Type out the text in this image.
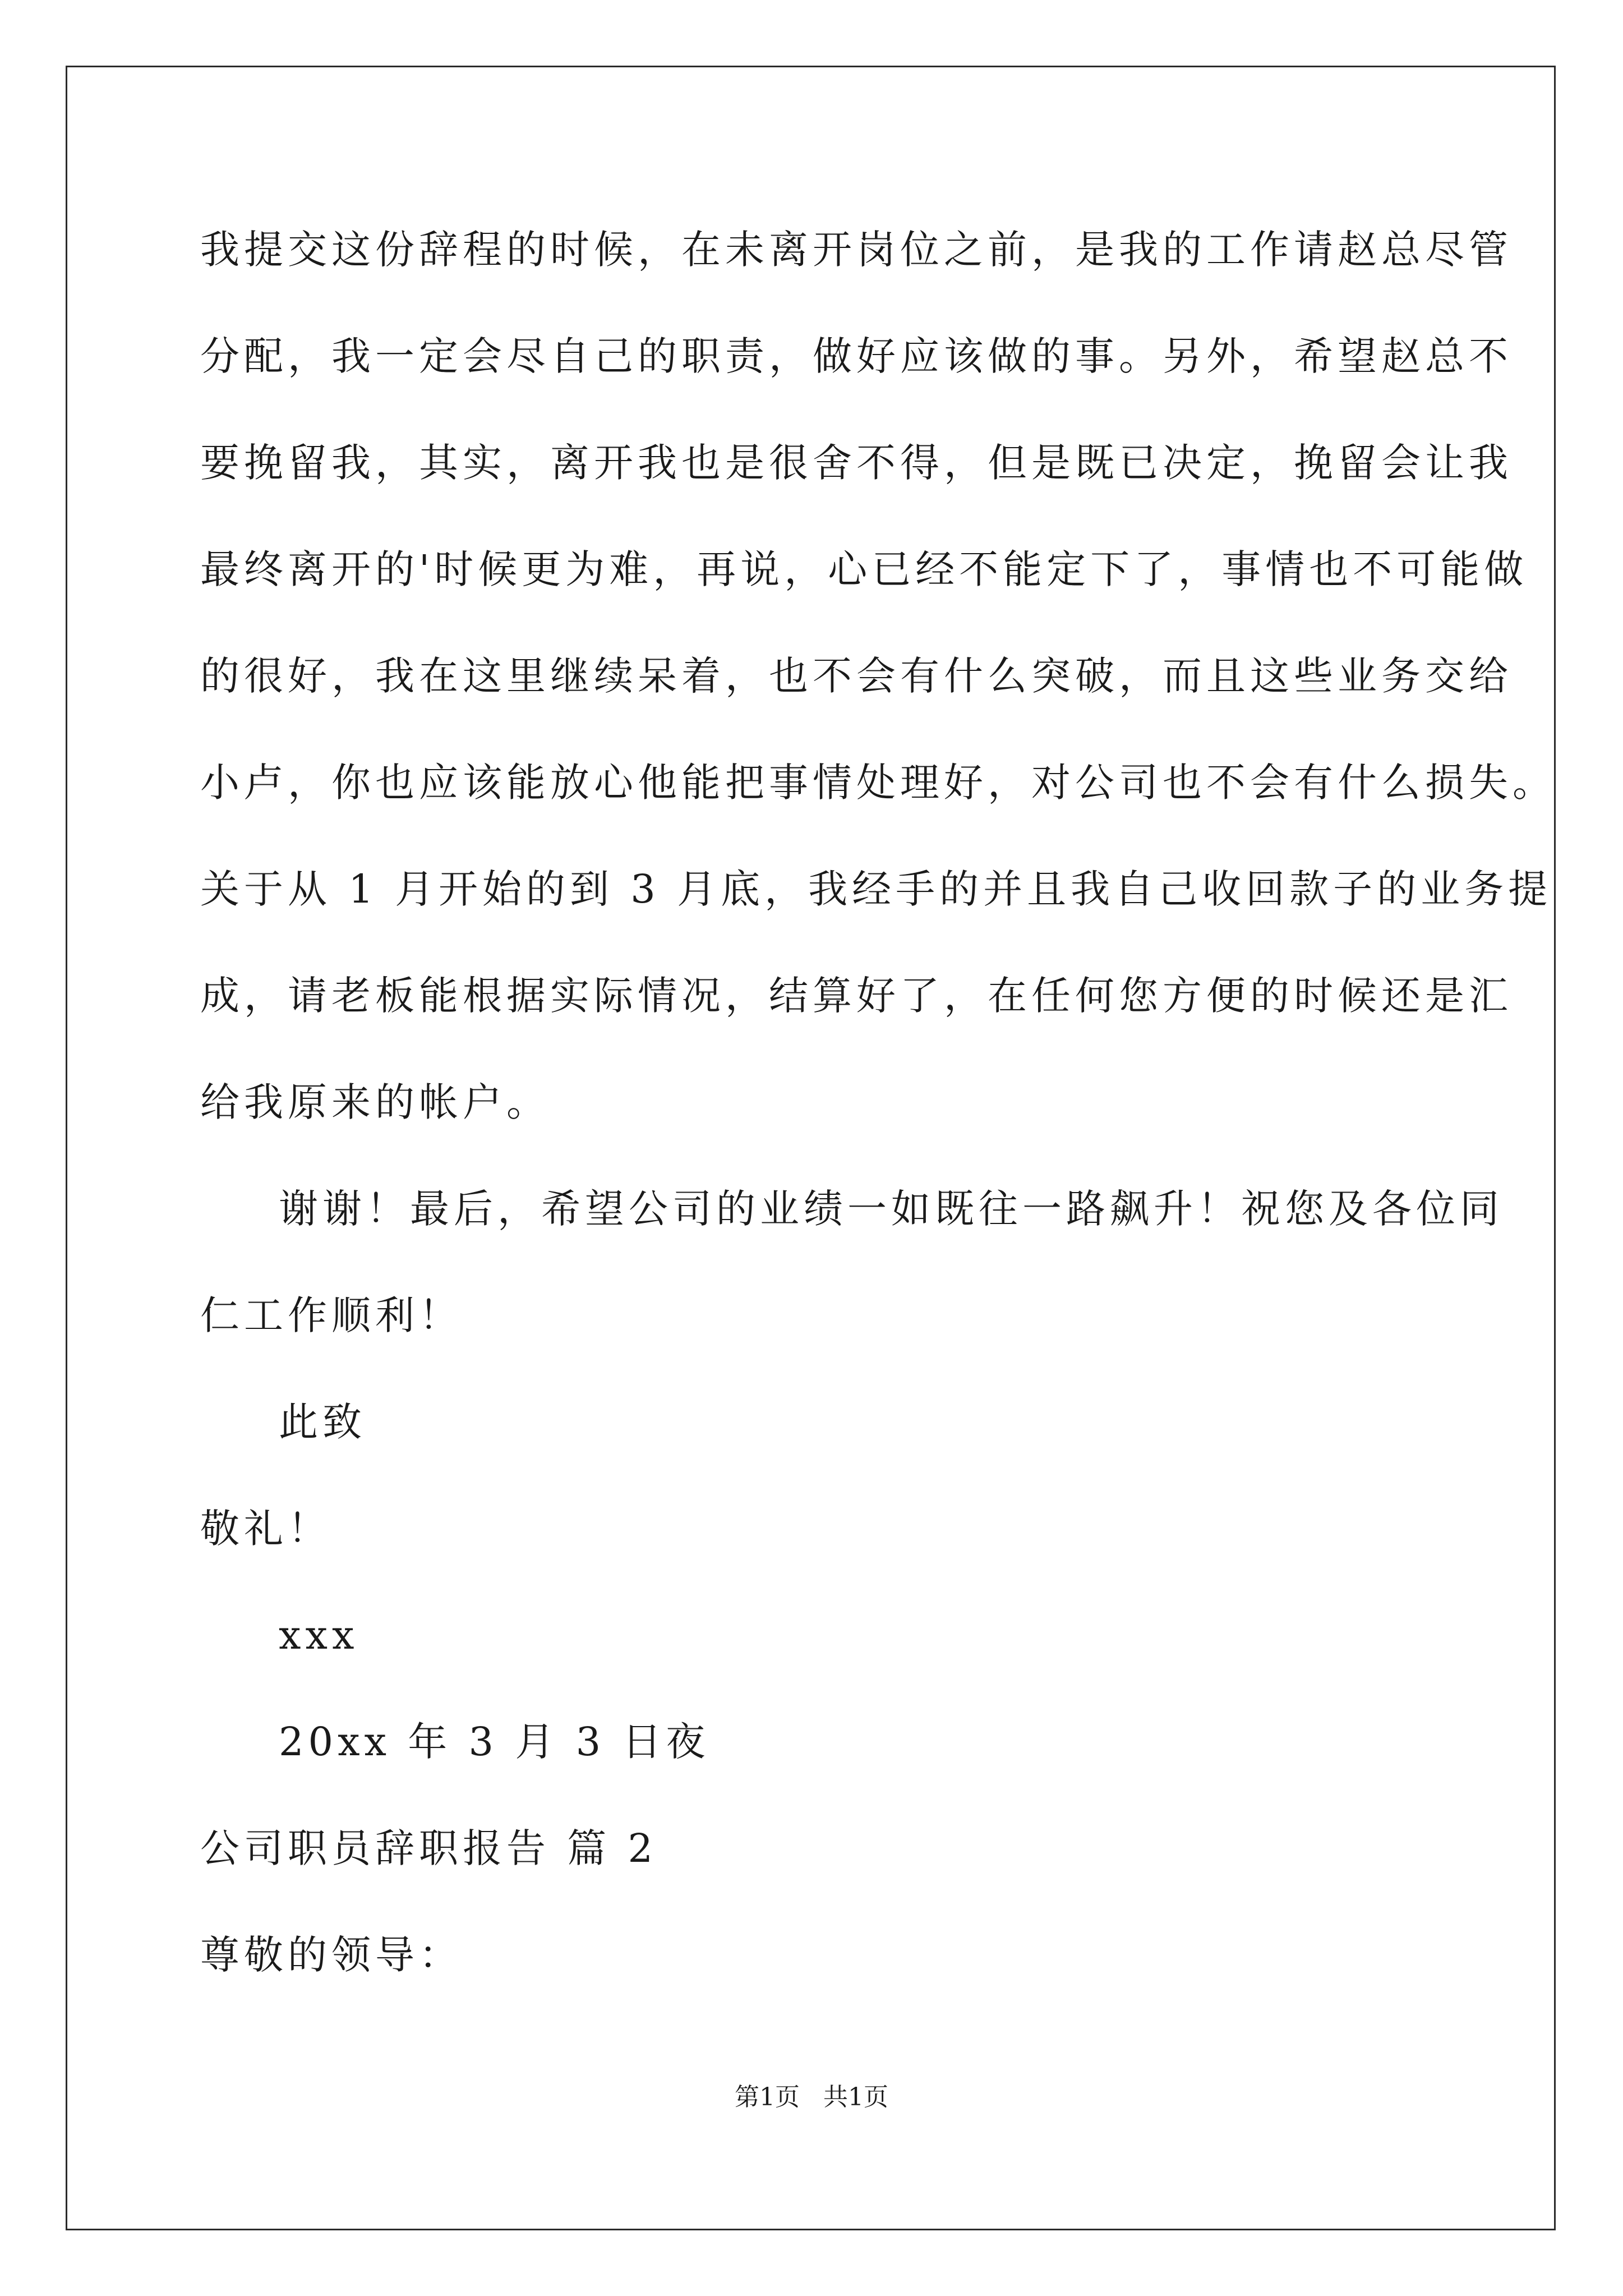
我提交这份辞程的时候，在未离开岗位之前，是我的工作请赵总尽管
分配，我一定会尽自己的职责，做好应该做的事。另外，希望赵总不
要挽留我，其实，离开我也是很舍不得，但是既已决定，挽留会让我
最终离开的'时候更为难，再说，心已经不能定下了，事情也不可能做
的很好，我在这里继续呆着，也不会有什么突破，而且这些业务交给
小卢，你也应该能放心他能把事情处理好，对公司也不会有什么损失。
关于从 1 月开始的到 3 月底，我经手的并且我自己收回款子的业务提
成，请老板能根据实际情况，结算好了，在任何您方便的时候还是汇
给我原来的帐户。
谢谢！最后，希望公司的业绩一如既往一路飙升！祝您及各位同
仁工作顺利！
此致
敬礼！
xxx
20xx 年 3 月 3 日夜
公司职员辞职报告 篇 2
尊敬的领导：
第1页   共1页
